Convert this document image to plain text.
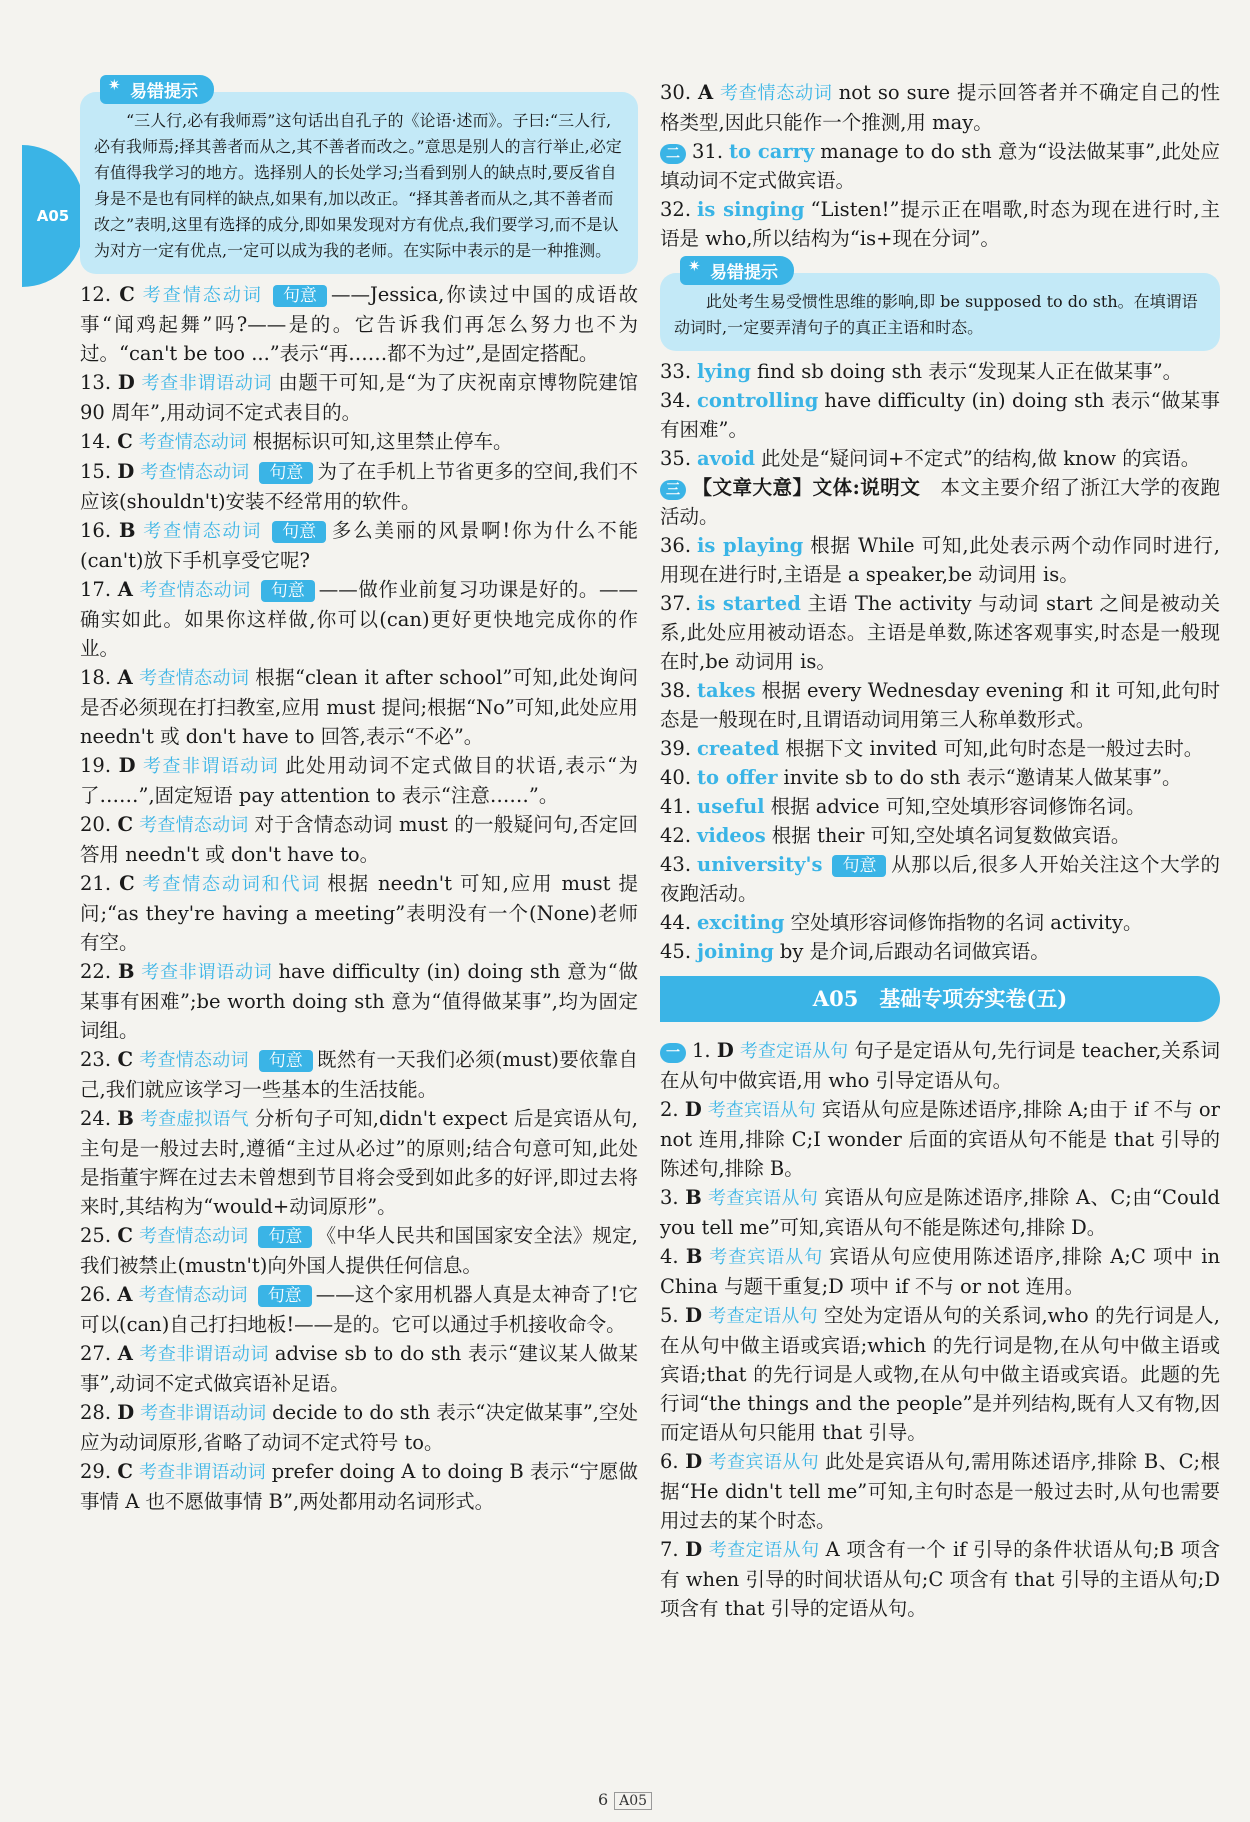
A05
✷ 易错提示

“三人行,必有我师焉”这句话出自孔子的《论语·述而》。子曰:“三人行,必有我师焉;择其善者而从之,其不善者而改之。”意思是别人的言行举止,必定有值得我学习的地方。选择别人的长处学习;当看到别人的缺点时,要反省自身是不是也有同样的缺点,如果有,加以改正。“择其善者而从之,其不善者而改之”表明,这里有选择的成分,即如果发现对方有优点,我们要学习,而不是认为对方一定有优点,一定可以成为我的老师。在实际中表示的是一种推测。

12. C 考查情态动词 句意 ——Jessica,你读过中国的成语故事“闻鸡起舞”吗?——是的。它告诉我们再怎么努力也不为过。“can't be too ...”表示“再……都不为过”,是固定搭配。

13. D 考查非谓语动词 由题干可知,是“为了庆祝南京博物院建馆 90 周年”,用动词不定式表目的。

14. C 考查情态动词 根据标识可知,这里禁止停车。

15. D 考查情态动词 句意 为了在手机上节省更多的空间,我们不应该(shouldn't)安装不经常用的软件。

16. B 考查情态动词 句意 多么美丽的风景啊!你为什么不能(can't)放下手机享受它呢?

17. A 考查情态动词 句意 ——做作业前复习功课是好的。——确实如此。如果你这样做,你可以(can)更好更快地完成你的作业。

18. A 考查情态动词 根据“clean it after school”可知,此处询问是否必须现在打扫教室,应用 must 提问;根据“No”可知,此处应用 needn't 或 don't have to 回答,表示“不必”。

19. D 考查非谓语动词 此处用动词不定式做目的状语,表示“为了……”,固定短语 pay attention to 表示“注意……”。

20. C 考查情态动词 对于含情态动词 must 的一般疑问句,否定回答用 needn't 或 don't have to。

21. C 考查情态动词和代词 根据 needn't 可知,应用 must 提问;“as they're having a meeting”表明没有一个(None)老师有空。

22. B 考查非谓语动词 have difficulty (in) doing sth 意为“做某事有困难”;be worth doing sth 意为“值得做某事”,均为固定词组。

23. C 考查情态动词 句意 既然有一天我们必须(must)要依靠自己,我们就应该学习一些基本的生活技能。

24. B 考查虚拟语气 分析句子可知,didn't expect 后是宾语从句,主句是一般过去时,遵循“主过从必过”的原则;结合句意可知,此处是指董宇辉在过去未曾想到节目将会受到如此多的好评,即过去将来时,其结构为“would+动词原形”。

25. C 考查情态动词 句意 《中华人民共和国国家安全法》规定,我们被禁止(mustn't)向外国人提供任何信息。

26. A 考查情态动词 句意 ——这个家用机器人真是太神奇了!它可以(can)自己打扫地板!——是的。它可以通过手机接收命令。

27. A 考查非谓语动词 advise sb to do sth 表示“建议某人做某事”,动词不定式做宾语补足语。

28. D 考查非谓语动词 decide to do sth 表示“决定做某事”,空处应为动词原形,省略了动词不定式符号 to。

29. C 考查非谓语动词 prefer doing A to doing B 表示“宁愿做事情 A 也不愿做事情 B”,两处都用动名词形式。

30. A 考查情态动词 not so sure 提示回答者并不确定自己的性格类型,因此只能作一个推测,用 may。

二 31. to carry manage to do sth 意为“设法做某事”,此处应填动词不定式做宾语。

32. is singing “Listen!”提示正在唱歌,时态为现在进行时,主语是 who,所以结构为“is+现在分词”。

✷ 易错提示

此处考生易受惯性思维的影响,即 be supposed to do sth。在填谓语动词时,一定要弄清句子的真正主语和时态。

33. lying find sb doing sth 表示“发现某人正在做某事”。

34. controlling have difficulty (in) doing sth 表示“做某事有困难”。

35. avoid 此处是“疑问词+不定式”的结构,做 know 的宾语。

三 【文章大意】文体:说明文　 本文主要介绍了浙江大学的夜跑活动。

36. is playing 根据 While 可知,此处表示两个动作同时进行,用现在进行时,主语是 a speaker,be 动词用 is。

37. is started 主语 The activity 与动词 start 之间是被动关系,此处应用被动语态。主语是单数,陈述客观事实,时态是一般现在时,be 动词用 is。

38. takes 根据 every Wednesday evening 和 it 可知,此句时态是一般现在时,且谓语动词用第三人称单数形式。

39. created 根据下文 invited 可知,此句时态是一般过去时。

40. to offer invite sb to do sth 表示“邀请某人做某事”。

41. useful 根据 advice 可知,空处填形容词修饰名词。

42. videos 根据 their 可知,空处填名词复数做宾语。

43. university's 句意 从那以后,很多人开始关注这个大学的夜跑活动。

44. exciting 空处填形容词修饰指物的名词 activity。

45. joining by 是介词,后跟动名词做宾语。

A05　基础专项夯实卷(五)

一 1. D 考查定语从句 句子是定语从句,先行词是 teacher,关系词在从句中做宾语,用 who 引导定语从句。

2. D 考查宾语从句 宾语从句应是陈述语序,排除 A;由于 if 不与 or not 连用,排除 C;I wonder 后面的宾语从句不能是 that 引导的陈述句,排除 B。

3. B 考查宾语从句 宾语从句应是陈述语序,排除 A、C;由“Could you tell me”可知,宾语从句不能是陈述句,排除 D。

4. B 考查宾语从句 宾语从句应使用陈述语序,排除 A;C 项中 in China 与题干重复;D 项中 if 不与 or not 连用。

5. D 考查定语从句 空处为定语从句的关系词,who 的先行词是人,在从句中做主语或宾语;which 的先行词是物,在从句中做主语或宾语;that 的先行词是人或物,在从句中做主语或宾语。此题的先行词“the things and the people”是并列结构,既有人又有物,因而定语从句只能用 that 引导。

6. D 考查宾语从句 此处是宾语从句,需用陈述语序,排除 B、C;根据“He didn't tell me”可知,主句时态是一般过去时,从句也需要用过去的某个时态。

7. D 考查定语从句 A 项含有一个 if 引导的条件状语从句;B 项含有 when 引导的时间状语从句;C 项含有 that 引导的主语从句;D 项含有 that 引导的定语从句。

6 A05
